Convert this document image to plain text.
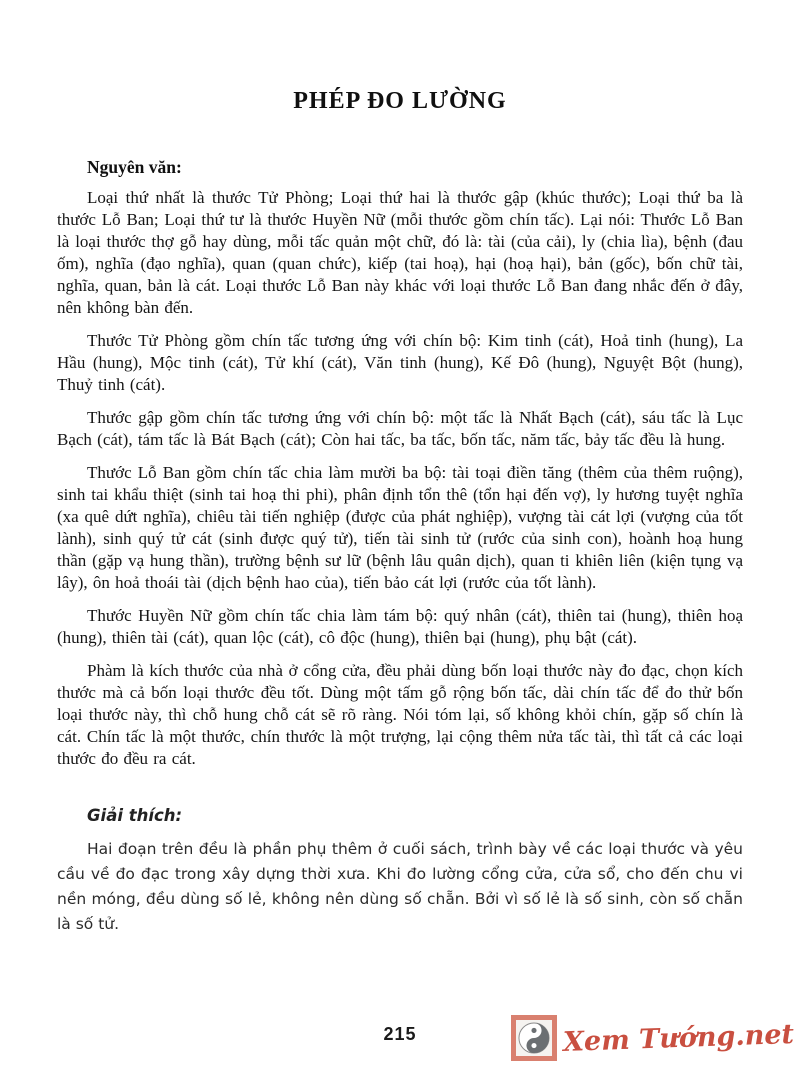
PHÉP ĐO LƯỜNG
Nguyên văn:

Loại thứ nhất là thước Tử Phòng; Loại thứ hai là thước gập (khúc thước); Loại thứ ba là thước Lỗ Ban; Loại thứ tư là thước Huyền Nữ (mỗi thước gồm chín tấc). Lại nói: Thước Lỗ Ban là loại thước thợ gỗ hay dùng, mỗi tấc quản một chữ, đó là: tài (của cải), ly (chia lìa), bệnh (đau ốm), nghĩa (đạo nghĩa), quan (quan chức), kiếp (tai hoạ), hại (hoạ hại), bản (gốc), bốn chữ tài, nghĩa, quan, bản là cát. Loại thước Lỗ Ban này khác với loại thước Lỗ Ban đang nhắc đến ở đây, nên không bàn đến.

Thước Tử Phòng gồm chín tấc tương ứng với chín bộ: Kim tinh (cát), Hoả tinh (hung), La Hầu (hung), Mộc tinh (cát), Tử khí (cát), Văn tinh (hung), Kế Đô (hung), Nguyệt Bột (hung), Thuỷ tinh (cát).

Thước gập gồm chín tấc tương ứng với chín bộ: một tấc là Nhất Bạch (cát), sáu tấc là Lục Bạch (cát), tám tấc là Bát Bạch (cát); Còn hai tấc, ba tấc, bốn tấc, năm tấc, bảy tấc đều là hung.

Thước Lỗ Ban gồm chín tấc chia làm mười ba bộ: tài toại điền tăng (thêm của thêm ruộng), sinh tai khẩu thiệt (sinh tai hoạ thi phi), phân định tổn thê (tổn hại đến vợ), ly hương tuyệt nghĩa (xa quê dứt nghĩa), chiêu tài tiến nghiệp (được của phát nghiệp), vượng tài cát lợi (vượng của tốt lành), sinh quý tử cát (sinh được quý tử), tiến tài sinh tử (rước của sinh con), hoành hoạ hung thần (gặp vạ hung thần), trường bệnh sư lữ (bệnh lâu quân dịch), quan ti khiên liên (kiện tụng vạ lây), ôn hoả thoái tài (dịch bệnh hao của), tiến bảo cát lợi (rước của tốt lành).

Thước Huyền Nữ gồm chín tấc chia làm tám bộ: quý nhân (cát), thiên tai (hung), thiên hoạ (hung), thiên tài (cát), quan lộc (cát), cô độc (hung), thiên bại (hung), phụ bật (cát).

Phàm là kích thước của nhà ở cổng cửa, đều phải dùng bốn loại thước này đo đạc, chọn kích thước mà cả bốn loại thước đều tốt. Dùng một tấm gỗ rộng bốn tấc, dài chín tấc để đo thử bốn loại thước này, thì chỗ hung chỗ cát sẽ rõ ràng. Nói tóm lại, số không khỏi chín, gặp số chín là cát. Chín tấc là một thước, chín thước là một trượng, lại cộng thêm nửa tấc tài, thì tất cả các loại thước đo đều ra cát.

Giải thích:

Hai đoạn trên đều là phần phụ thêm ở cuối sách, trình bày về các loại thước và yêu cầu về đo đạc trong xây dựng thời xưa. Khi đo lường cổng cửa, cửa sổ, cho đến chu vi nền móng, đều dùng số lẻ, không nên dùng số chẵn. Bởi vì số lẻ là số sinh, còn số chẵn là số tử.

215	Xem Tướng.net
